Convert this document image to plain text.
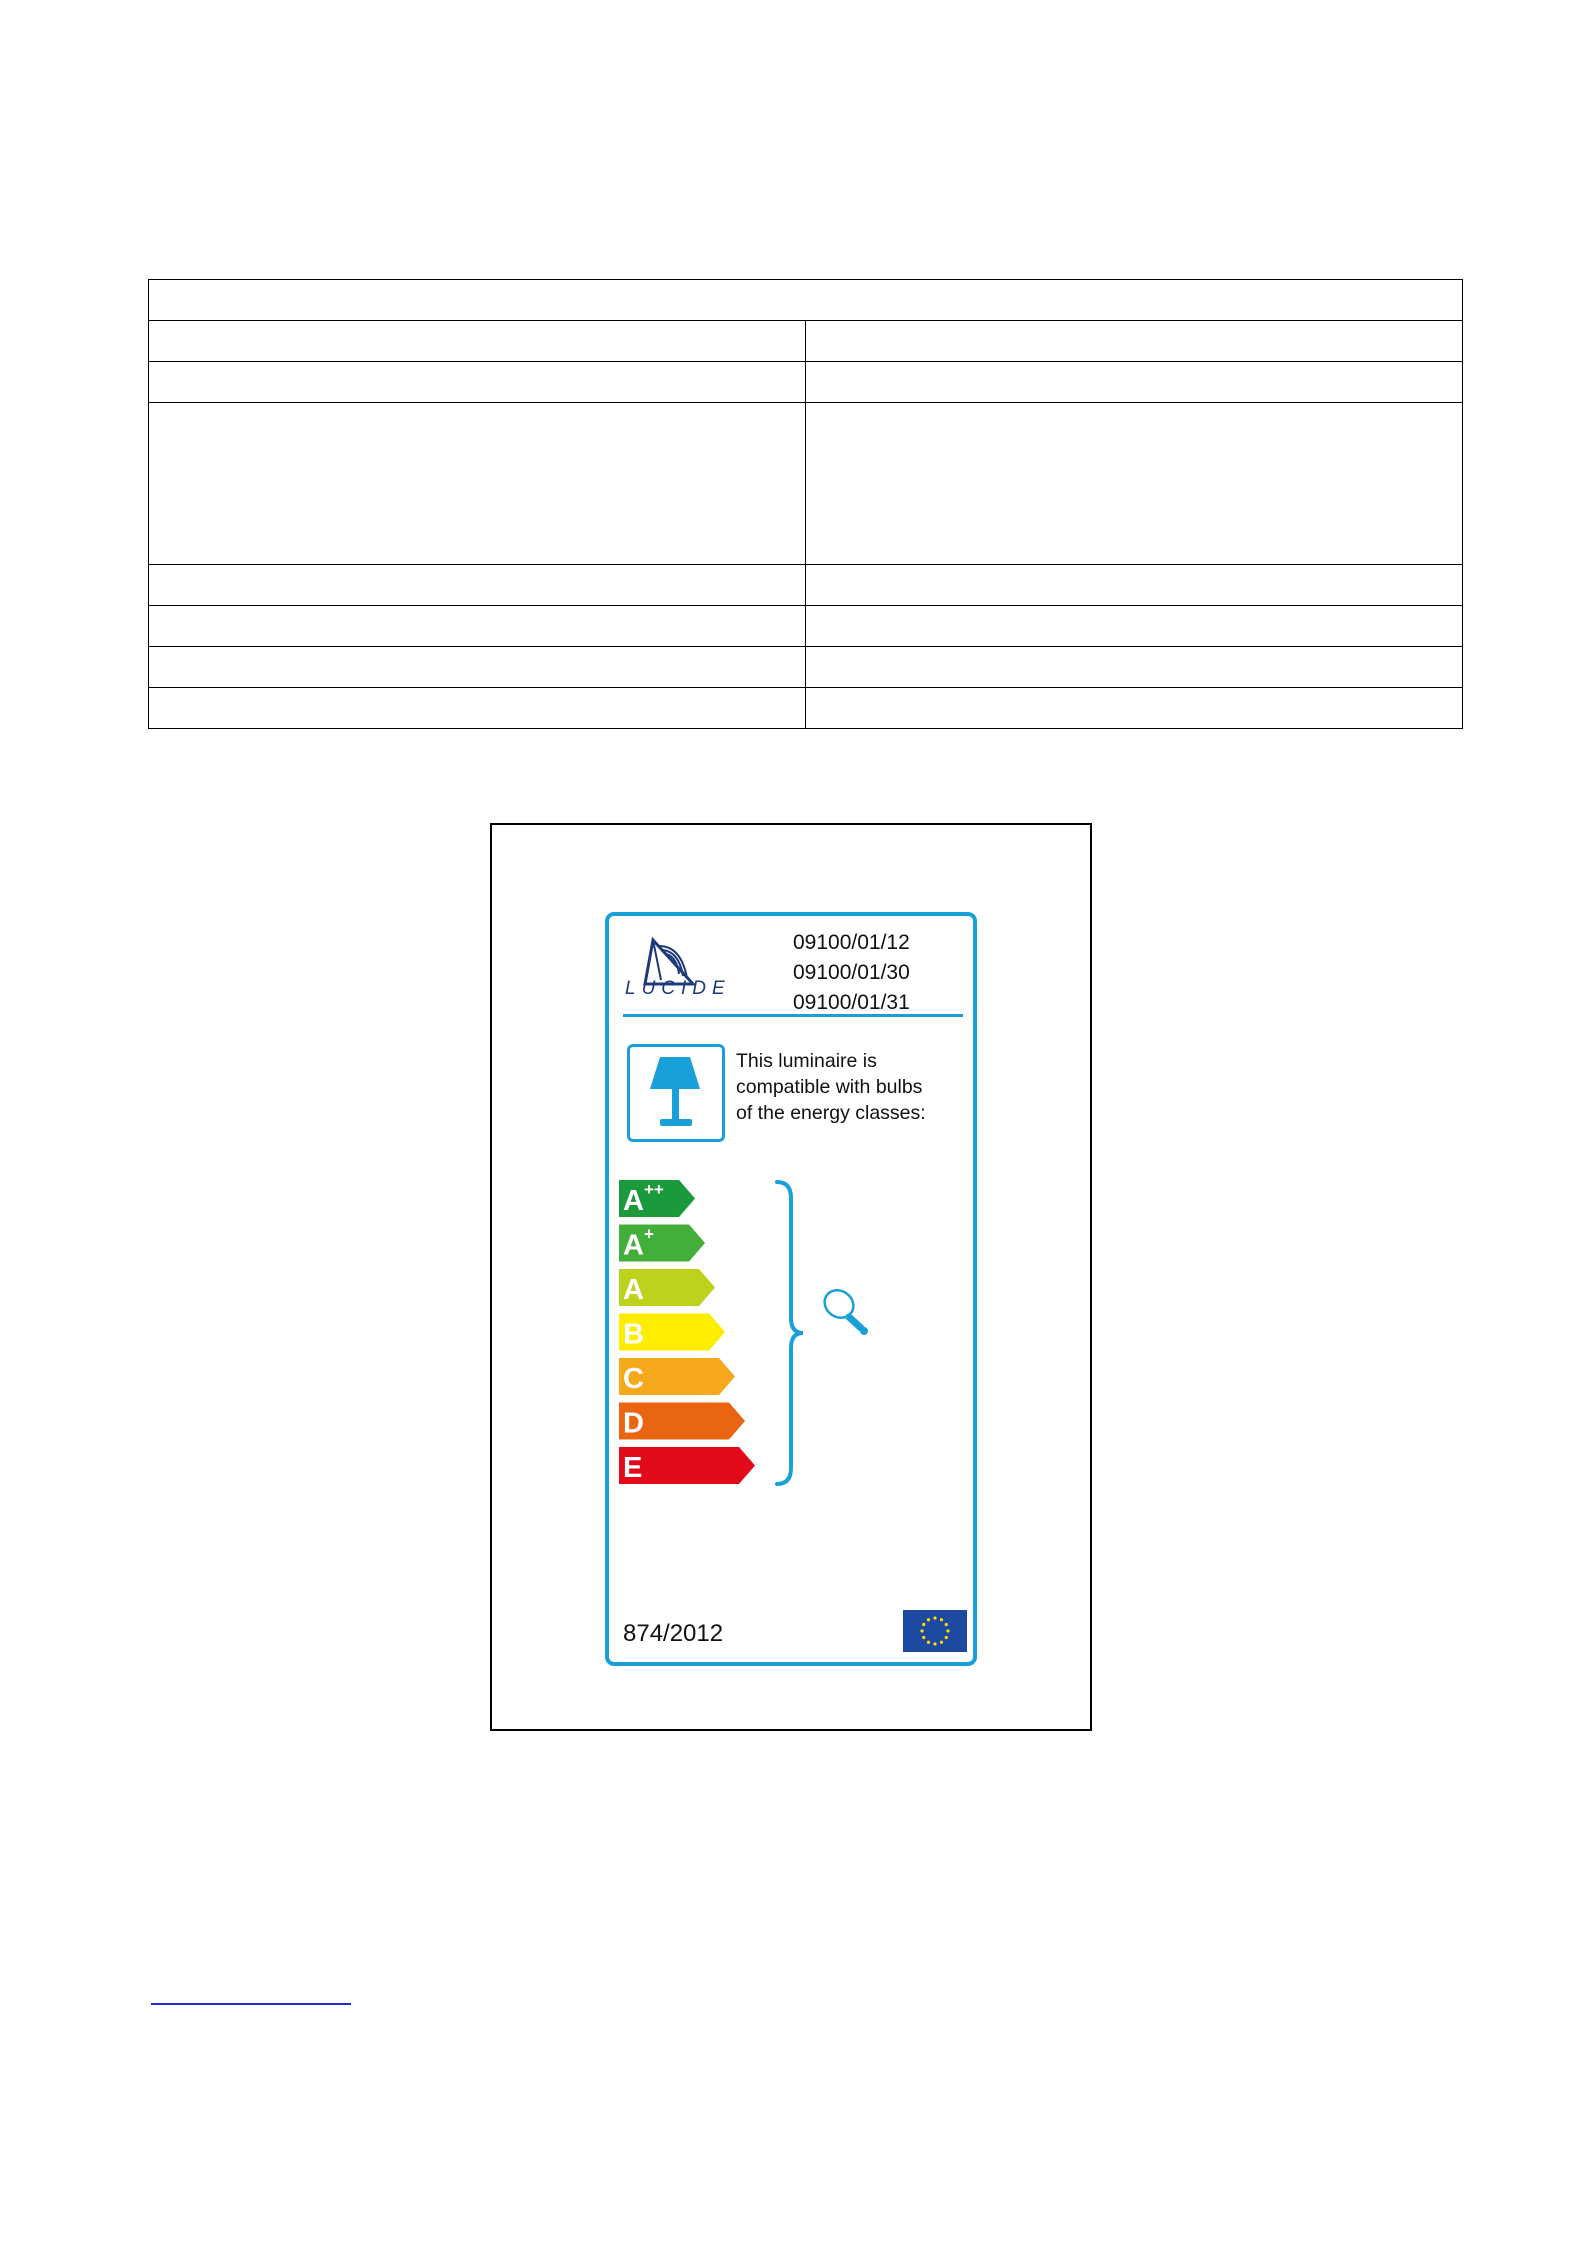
LUCIDE
09100/01/12
09100/01/30
09100/01/31
This luminaire is
compatible with bulbs
of the energy classes:
A ++
A +
A
B
C
D
E
874/2012
